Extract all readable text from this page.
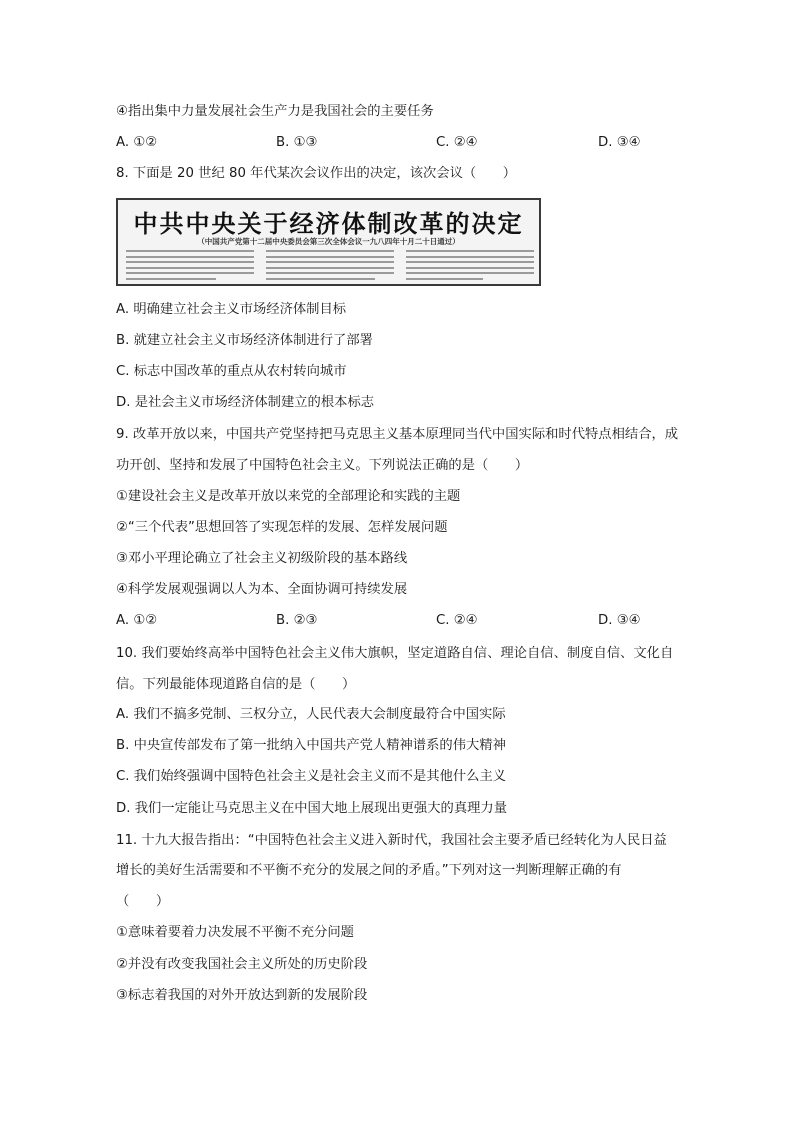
④指出集中力量发展社会生产力是我国社会的主要任务
A. ①②	B. ①③	C. ②④	D. ③④
8. 下面是 20 世纪 80 年代某次会议作出的决定，该次会议（　　）
中共中央关于经济体制改革的决定
（中国共产党第十二届中央委员会第三次全体会议一九八四年十月二十日通过）
A. 明确建立社会主义市场经济体制目标
B. 就建立社会主义市场经济体制进行了部署
C. 标志中国改革的重点从农村转向城市
D. 是社会主义市场经济体制建立的根本标志
9. 改革开放以来，中国共产党坚持把马克思主义基本原理同当代中国实际和时代特点相结合，成
功开创、坚持和发展了中国特色社会主义。下列说法正确的是（　　）
①建设社会主义是改革开放以来党的全部理论和实践的主题
②“三个代表”思想回答了实现怎样的发展、怎样发展问题
③邓小平理论确立了社会主义初级阶段的基本路线
④科学发展观强调以人为本、全面协调可持续发展
A. ①②	B. ②③	C. ②④	D. ③④
10. 我们要始终高举中国特色社会主义伟大旗帜，坚定道路自信、理论自信、制度自信、文化自
信。下列最能体现道路自信的是（　　）
A. 我们不搞多党制、三权分立，人民代表大会制度最符合中国实际
B. 中央宣传部发布了第一批纳入中国共产党人精神谱系的伟大精神
C. 我们始终强调中国特色社会主义是社会主义而不是其他什么主义
D. 我们一定能让马克思主义在中国大地上展现出更强大的真理力量
11. 十九大报告指出：“中国特色社会主义进入新时代，我国社会主要矛盾已经转化为人民日益
增长的美好生活需要和不平衡不充分的发展之间的矛盾。”下列对这一判断理解正确的有
（　　）
①意味着要着力决发展不平衡不充分问题
②并没有改变我国社会主义所处的历史阶段
③标志着我国的对外开放达到新的发展阶段
